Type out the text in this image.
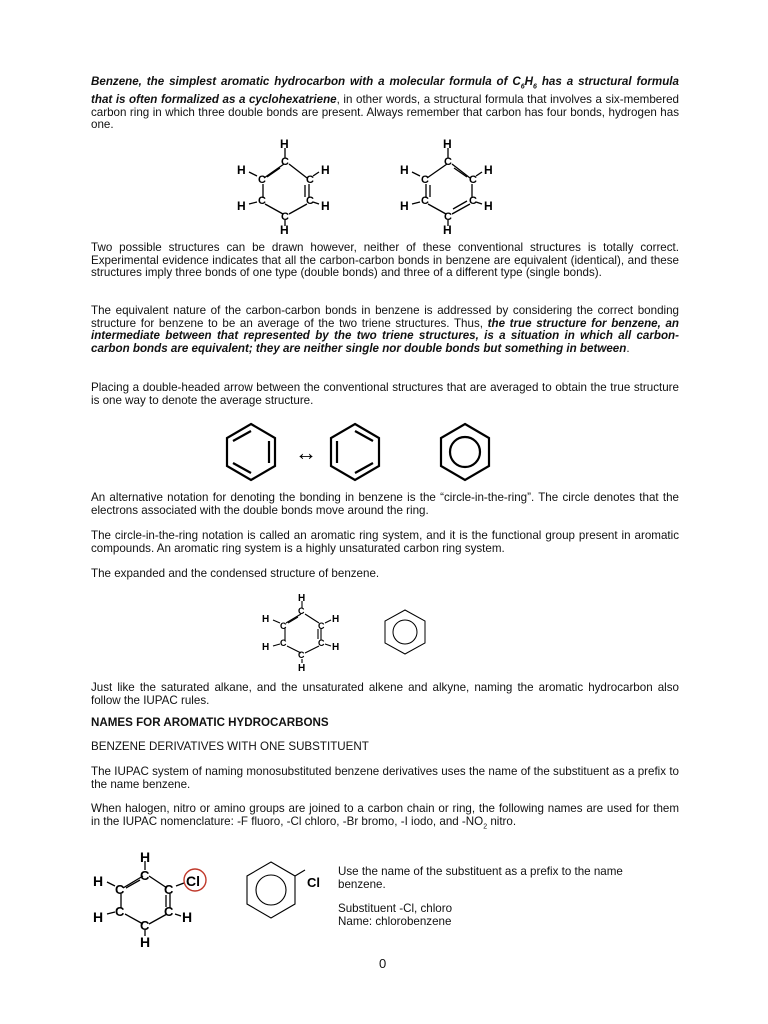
Benzene, the simplest aromatic hydrocarbon with a molecular formula of $C_6H_6$ has a structural formula that is often formalized as a cyclohexatriene, in other words, a structural formula that involves a six-membered carbon ring in which three double bonds are present. Always remember that carbon has four bonds, hydrogen has one.

H
C
H
C	C
H
H C	C H
C
H
H
C
H
C	C
H
H C	C H
C
H

Two possible structures can be drawn however, neither of these conventional structures is totally correct. Experimental evidence indicates that all the carbon-carbon bonds in benzene are equivalent (identical), and these structures imply three bonds of one type (double bonds) and three of a different type (single bonds).

The equivalent nature of the carbon-carbon bonds in benzene is addressed by considering the correct bonding structure for benzene to be an average of the two triene structures. Thus, the true structure for benzene, an intermediate between that represented by the two triene structures, is a situation in which all carbon-carbon bonds are equivalent; they are neither single nor double bonds but something in between.

Placing a double-headed arrow between the conventional structures that are averaged to obtain the true structure is one way to denote the average structure.

↔

An alternative notation for denoting the bonding in benzene is the “circle-in-the-ring”. The circle denotes that the electrons associated with the double bonds move around the ring.

The circle-in-the-ring notation is called an aromatic ring system, and it is the functional group present in aromatic compounds. An aromatic ring system is a highly unsaturated carbon ring system.

The expanded and the condensed structure of benzene.

H
C
H
C	C
H
H C	C H
C
H

Just like the saturated alkane, and the unsaturated alkene and alkyne, naming the aromatic hydrocarbon also follow the IUPAC rules.

NAMES FOR AROMATIC HYDROCARBONS

BENZENE DERIVATIVES WITH ONE SUBSTITUENT

The IUPAC system of naming monosubstituted benzene derivatives uses the name of the substituent as a prefix to the name benzene.

When halogen, nitro or amino groups are joined to a carbon chain or ring, the following names are used for them in the IUPAC nomenclature: -F fluoro, -Cl chloro, -Br bromo, -I iodo, and $-NO_2$ nitro.

H
C
H
C	C
Cl
H C	C H
C
H
Cl
Use the name of the substituent as a prefix to the name
benzene.
Substituent -Cl, chloro
Name: chlorobenzene
0
